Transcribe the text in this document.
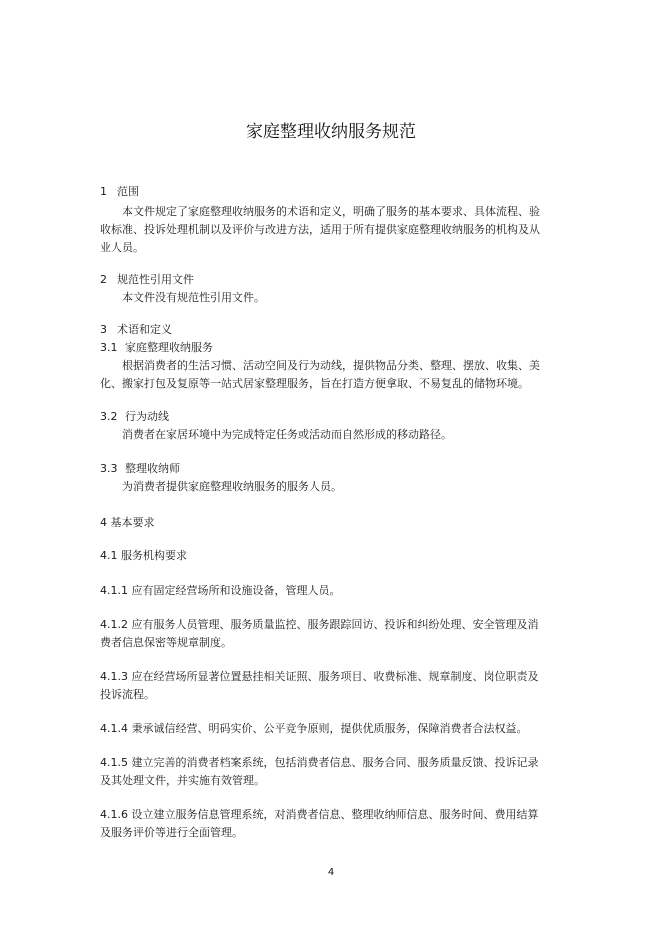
家庭整理收纳服务规范
1 范围
本文件规定了家庭整理收纳服务的术语和定义，明确了服务的基本要求、具体流程、验
收标准、投诉处理机制以及评价与改进方法，适用于所有提供家庭整理收纳服务的机构及从
业人员。
2 规范性引用文件
本文件没有规范性引用文件。
3 术语和定义
3.1 家庭整理收纳服务
根据消费者的生活习惯、活动空间及行为动线，提供物品分类、整理、摆放、收集、美
化、搬家打包及复原等一站式居家整理服务，旨在打造方便拿取、不易复乱的储物环境。
3.2 行为动线
消费者在家居环境中为完成特定任务或活动而自然形成的移动路径。
3.3 整理收纳师
为消费者提供家庭整理收纳服务的服务人员。
4 基本要求
4.1 服务机构要求
4.1.1 应有固定经营场所和设施设备，管理人员。
4.1.2 应有服务人员管理、服务质量监控、服务跟踪回访、投诉和纠纷处理、安全管理及消
费者信息保密等规章制度。
4.1.3 应在经营场所显著位置悬挂相关证照、服务项目、收费标准、规章制度、岗位职责及
投诉流程。
4.1.4 秉承诚信经营、明码实价、公平竞争原则，提供优质服务，保障消费者合法权益。
4.1.5 建立完善的消费者档案系统，包括消费者信息、服务合同、服务质量反馈、投诉记录
及其处理文件，并实施有效管理。
4.1.6 设立建立服务信息管理系统，对消费者信息、整理收纳师信息、服务时间、费用结算
及服务评价等进行全面管理。
4
